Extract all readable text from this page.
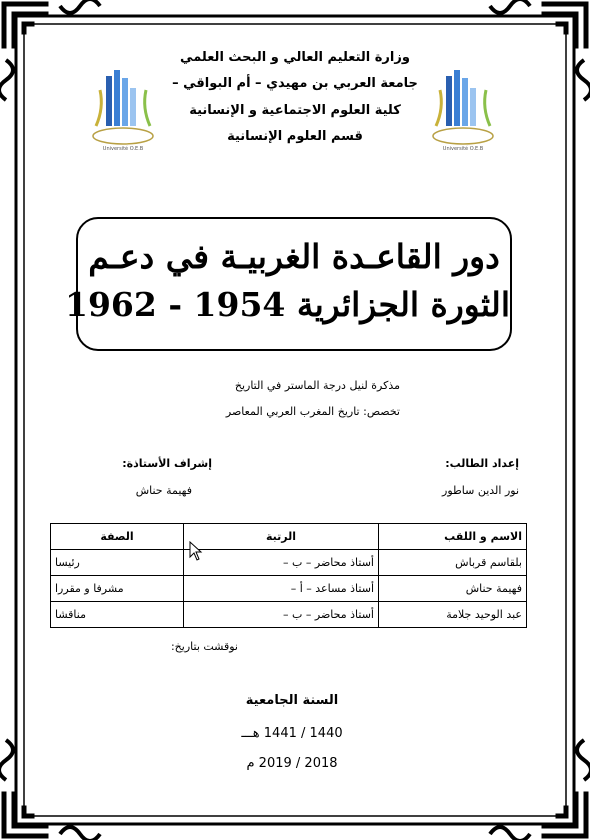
Université O.E.B	Université O.E.B
وزارة التعليم العالي و البحث العلمي
جامعة العربي بن مهيدي – أم البواقي –
كلية العلوم الاجتماعية و الإنسانية
قسم العلوم الإنسانية
دور القاعـدة الغربيـة في دعـم
الثورة الجزائرية 1954 - 1962
مذكرة لنيل درجة الماستر في التاريخ
تخصص: تاريخ المغرب العربي المعاصر
إعداد الطالب:
نور الدين ساطور
إشراف الأستاذة:
فهيمة حناش
الاسم و اللقب	الرتبة	الصفة
بلقاسم قرباش	أستاذ محاضر – ب –	رئيسا
فهيمة حناش	أستاذ مساعد – أ –	مشرفا و مقررا
عبد الوحيد جلامة	أستاذ محاضر – ب –	مناقشا
نوقشت بتاريخ:
السنة الجامعية
1440 / 1441 هـــ
2018 / 2019 م
